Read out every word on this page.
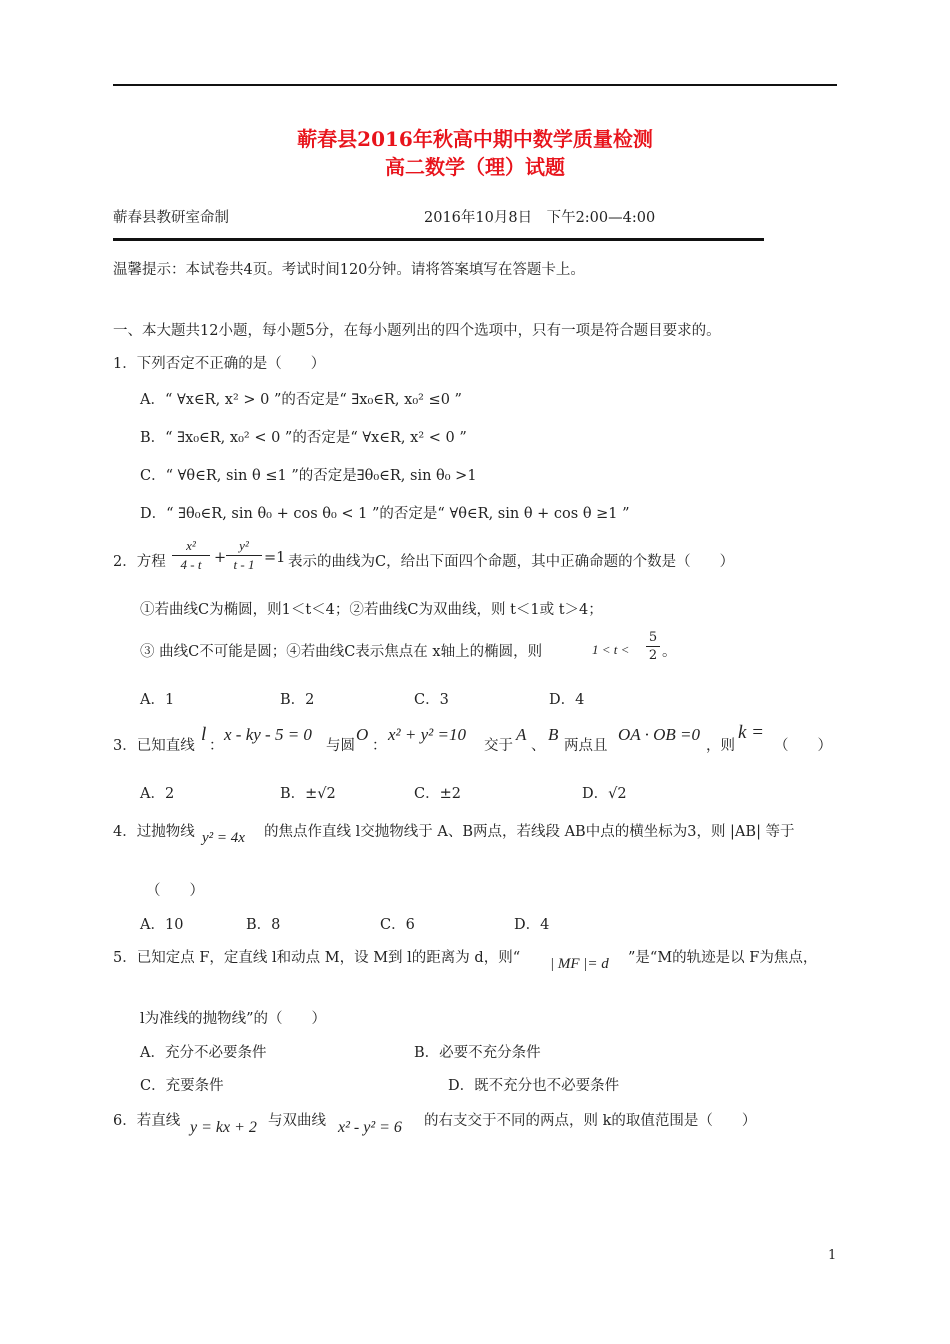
蕲春县2016年秋高中期中数学质量检测
高二数学（理）试题
蕲春县教研室命制	2016年10月8日　下午2:00—4:00
温馨提示：本试卷共4页。考试时间120分钟。请将答案填写在答题卡上。
一、本大题共12小题，每小题5分，在每小题列出的四个选项中，只有一项是符合题目要求的。
1．下列否定不正确的是（　　）
A．“ ∀x∈R, x² > 0 ”的否定是“ ∃x₀∈R, x₀² ≤0 ”
B．“ ∃x₀∈R, x₀² < 0 ”的否定是“ ∀x∈R, x² < 0 ”
C．“ ∀θ∈R, sin θ ≤1 ”的否定是∃θ₀∈R, sin θ₀ >1
D．“ ∃θ₀∈R, sin θ₀ + cos θ₀ < 1 ”的否定是“ ∀θ∈R, sin θ + cos θ ≥1 ”
2．方程
x²
4 - t +
y²
t - 1 =1 表示的曲线为C，给出下面四个命题，其中正确命题的个数是（　　）
①若曲线C为椭圆，则1＜t＜4；②若曲线C为双曲线，则 t＜1或 t＞4；
③ 曲线C不可能是圆；④若曲线C表示焦点在 x轴上的椭圆，则	1 < t <
5
2 。
A．1	B．2	C．3	D．4
3．已知直线
l
：
x - ky - 5 = 0
与圆
O
：
x² + y² =10
交于
A
、
B
两点且
OA · OB =0
，则
k =
（　　）
A．2	B．±√2	C．±2	D．√2
4．过抛物线 y² = 4x 的焦点作直线 l交抛物线于 A、B两点，若线段 AB中点的横坐标为3，则 |AB| 等于
（　　）
A．10	B．8	C．6	D．4
5．已知定点 F，定直线 l和动点 M，设 M到 l的距离为 d，则“ | MF |= d ”是“M的轨迹是以 F为焦点，
l为准线的抛物线”的（　　）
A．充分不必要条件	B．必要不充分条件
C．充要条件	D．既不充分也不必要条件
6．若直线 y = kx + 2 与双曲线 x² - y² = 6 的右支交于不同的两点，则 k的取值范围是（　　）
1
